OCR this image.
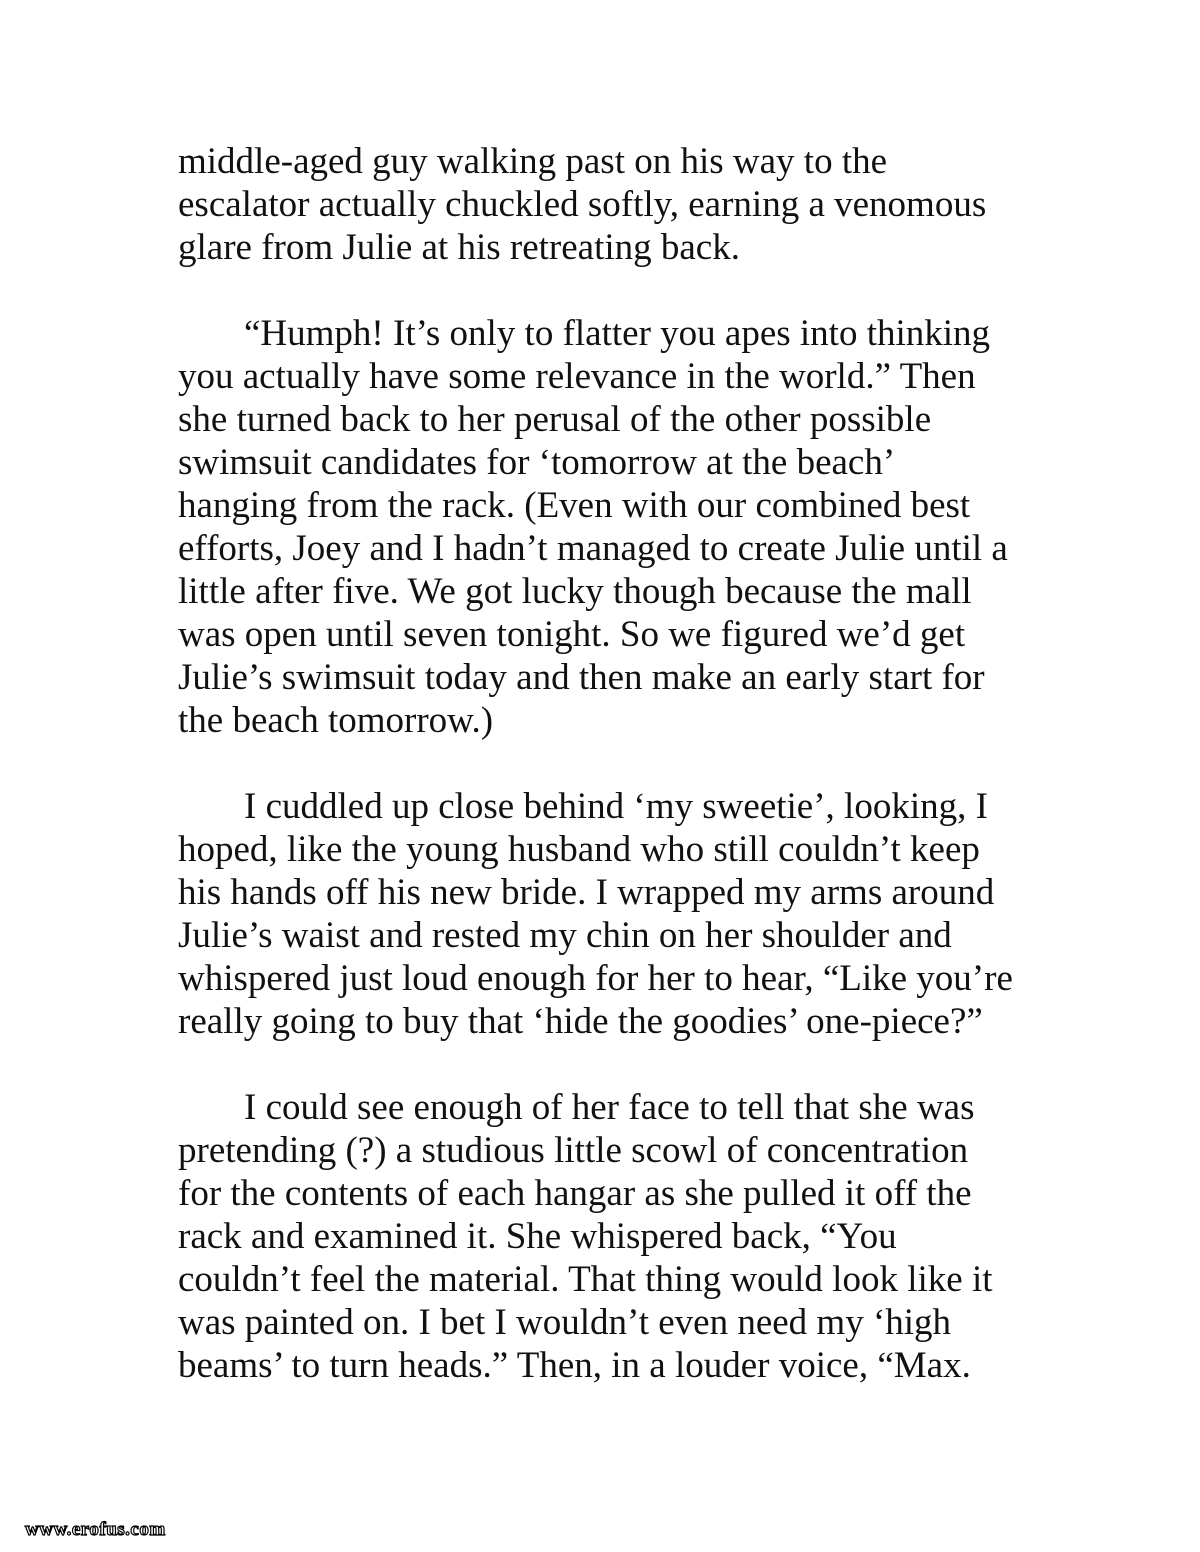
middle-aged guy walking past on his way to the
escalator actually chuckled softly, earning a venomous
glare from Julie at his retreating back.

“Humph! It’s only to flatter you apes into thinking
you actually have some relevance in the world.” Then
she turned back to her perusal of the other possible
swimsuit candidates for ‘tomorrow at the beach’
hanging from the rack. (Even with our combined best
efforts, Joey and I hadn’t managed to create Julie until a
little after five. We got lucky though because the mall
was open until seven tonight. So we figured we’d get
Julie’s swimsuit today and then make an early start for
the beach tomorrow.)

I cuddled up close behind ‘my sweetie’, looking, I
hoped, like the young husband who still couldn’t keep
his hands off his new bride. I wrapped my arms around
Julie’s waist and rested my chin on her shoulder and
whispered just loud enough for her to hear, “Like you’re
really going to buy that ‘hide the goodies’ one-piece?”

I could see enough of her face to tell that she was
pretending (?) a studious little scowl of concentration
for the contents of each hangar as she pulled it off the
rack and examined it. She whispered back, “You
couldn’t feel the material. That thing would look like it
was painted on. I bet I wouldn’t even need my ‘high
beams’ to turn heads.” Then, in a louder voice, “Max.

www.erofus.com
